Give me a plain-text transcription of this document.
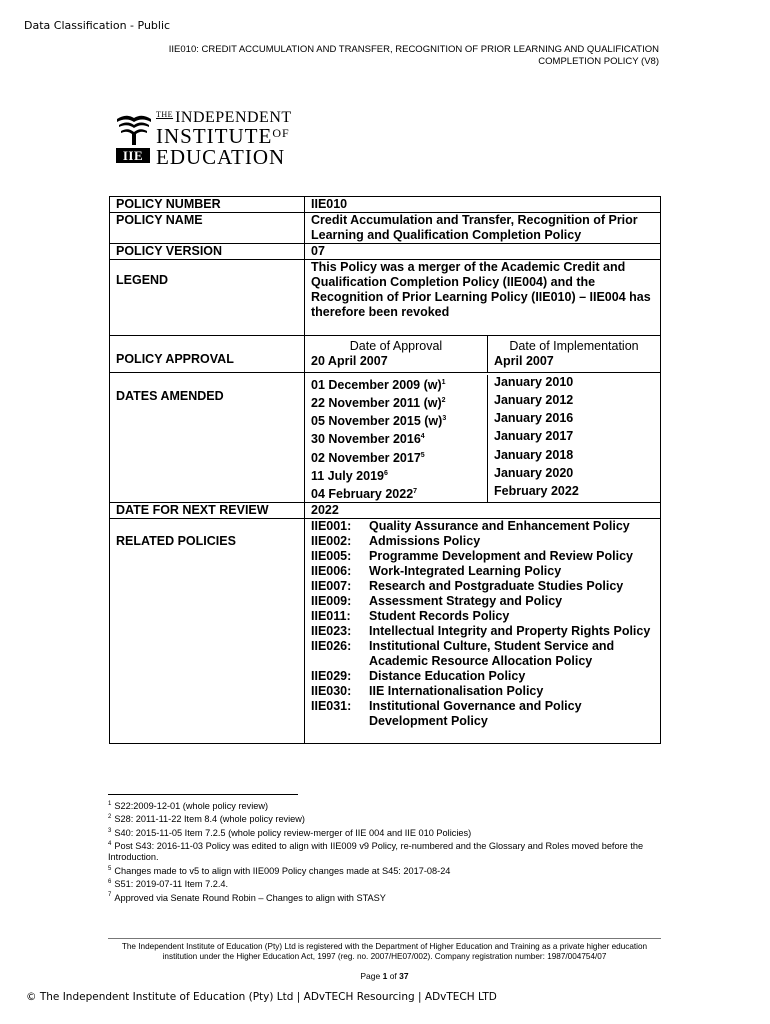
Data Classification - Public
IIE010: CREDIT ACCUMULATION AND TRANSFER, RECOGNITION OF PRIOR LEARNING AND QUALIFICATION
COMPLETION POLICY (V8)
$^{THE}$ INDEPENDENT
$INSTITUTE^{OF}$
IIE EDUCATION
POLICY NUMBER	IIE010
POLICY NAME	Credit Accumulation and Transfer, Recognition of Prior Learning and Qualification Completion Policy
POLICY VERSION	07
LEGEND	This Policy was a merger of the Academic Credit and Qualification Completion Policy (IIE004) and the Recognition of Prior Learning Policy (IIE010) – IIE004 has therefore been revoked
POLICY APPROVAL	
Date of Approval	Date of Implementation
20 April 2007	April 2007

DATES AMENDED	
01 December 2009 $(w)^1$	January 2010
22 November 2011 $(w)^2$	January 2012
05 November 2015 $(w)^3$	January 2016
30 November 2016$^4$	January 2017
02 November 2017$^5$	January 2018
11 July 2019$^6$	January 2020
04 February 2022$^7$	February 2022

DATE FOR NEXT REVIEW	2022
RELATED POLICIES	
IIE001:	Quality Assurance and Enhancement Policy
IIE002:	Admissions Policy
IIE005:	Programme Development and Review Policy
IIE006:	Work-Integrated Learning Policy
IIE007:	Research and Postgraduate Studies Policy
IIE009:	Assessment Strategy and Policy
IIE011:	Student Records Policy
IIE023:	Intellectual Integrity and Property Rights Policy
IIE026:	Institutional Culture, Student Service and Academic Resource Allocation Policy
IIE029:	Distance Education Policy
IIE030:	IIE Internationalisation Policy
IIE031:	Institutional Governance and Policy Development Policy
$^1$ S22:2009-12-01 (whole policy review)
$^2$ S28: 2011-11-22 Item 8.4 (whole policy review)
$^3$ S40: 2015-11-05 Item 7.2.5 (whole policy review-merger of IIE 004 and IIE 010 Policies)
$^4$ Post S43: 2016-11-03 Policy was edited to align with IIE009 v9 Policy, re-numbered and the Glossary and Roles moved before the Introduction.
$^5$ Changes made to v5 to align with IIE009 Policy changes made at S45: 2017-08-24
$^6$ S51: 2019-07-11 Item 7.2.4.
$^7$ Approved via Senate Round Robin – Changes to align with STASY
The Independent Institute of Education (Pty) Ltd is registered with the Department of Higher Education and Training as a private higher education institution under the Higher Education Act, 1997 (reg. no. 2007/HE07/002). Company registration number: 1987/004754/07
Page 1 of 37
© The Independent Institute of Education (Pty) Ltd | ADvTECH Resourcing | ADvTECH LTD
